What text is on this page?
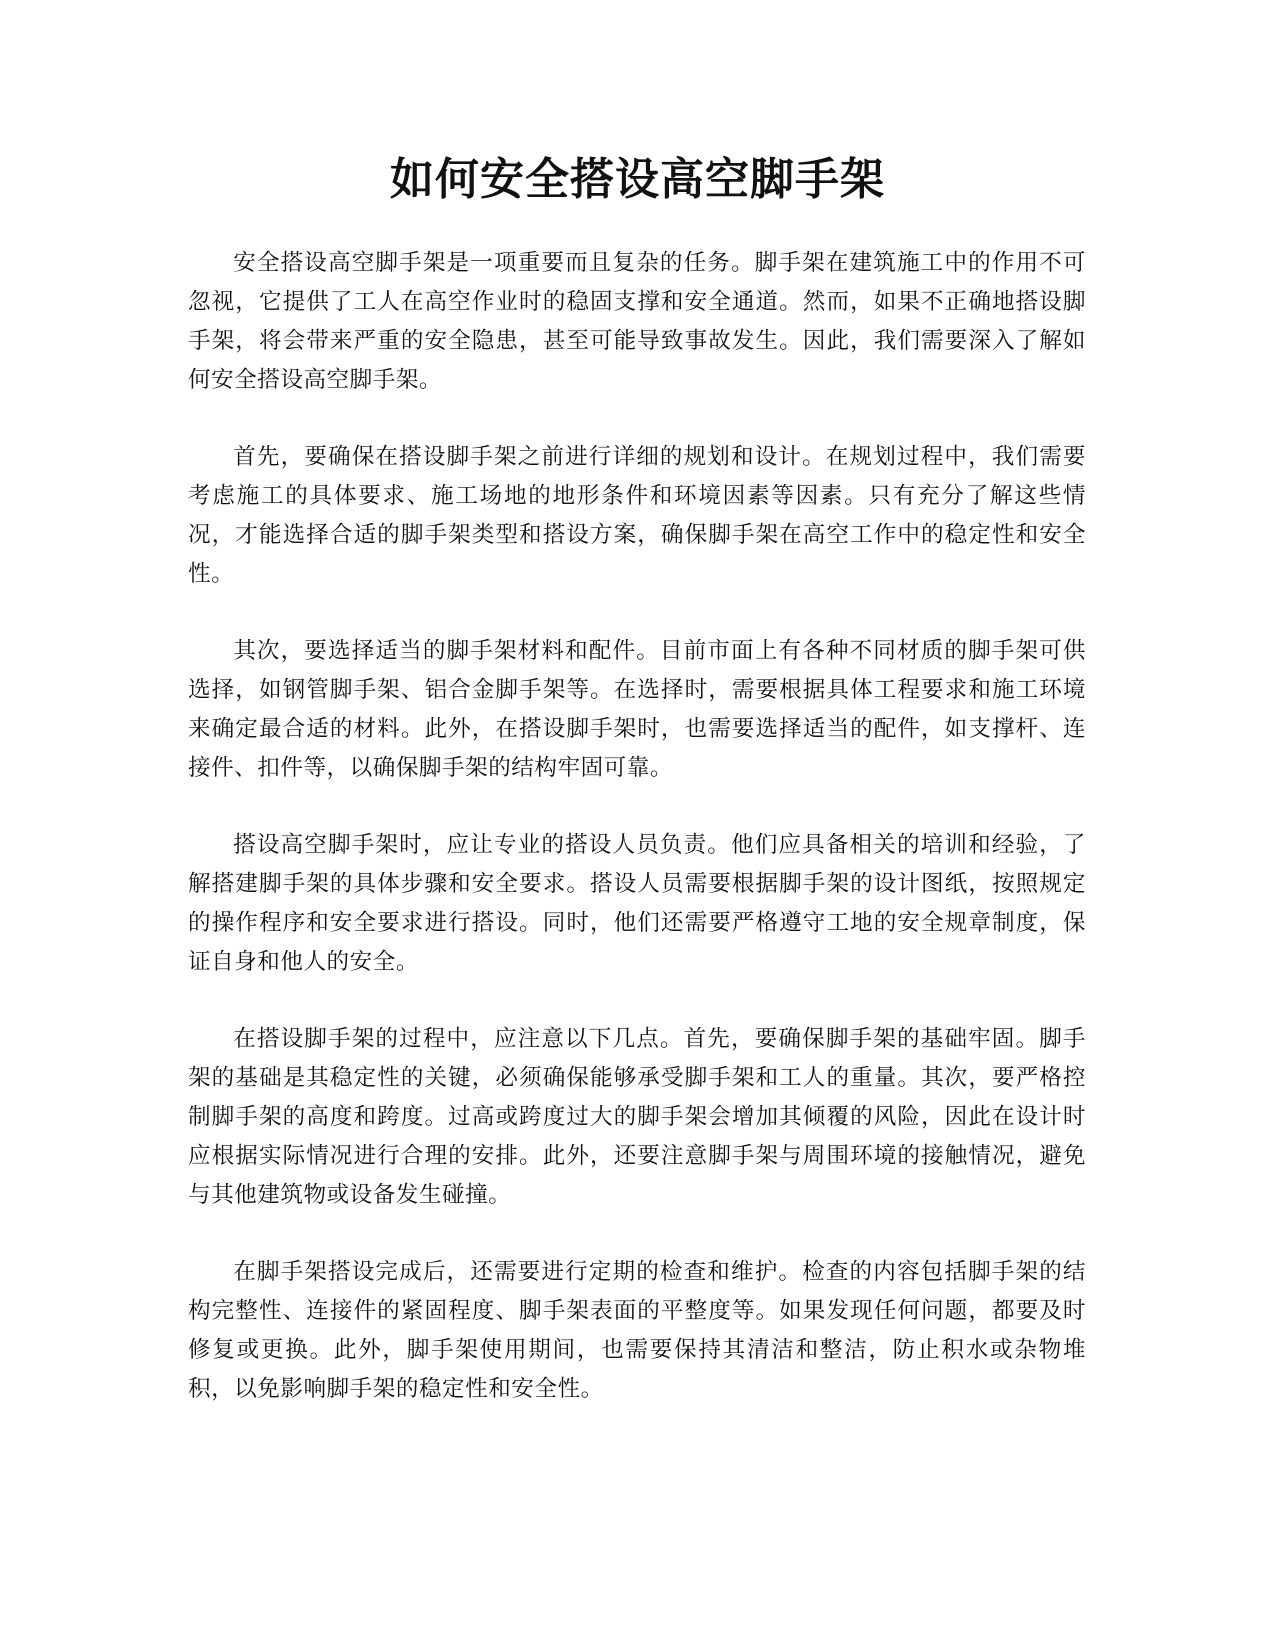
如何安全搭设高空脚手架

安全搭设高空脚手架是一项重要而且复杂的任务。脚手架在建筑施工中的作用不可忽视，它提供了工人在高空作业时的稳固支撑和安全通道。然而，如果不正确地搭设脚手架，将会带来严重的安全隐患，甚至可能导致事故发生。因此，我们需要深入了解如何安全搭设高空脚手架。

首先，要确保在搭设脚手架之前进行详细的规划和设计。在规划过程中，我们需要考虑施工的具体要求、施工场地的地形条件和环境因素等因素。只有充分了解这些情况，才能选择合适的脚手架类型和搭设方案，确保脚手架在高空工作中的稳定性和安全性。

其次，要选择适当的脚手架材料和配件。目前市面上有各种不同材质的脚手架可供选择，如钢管脚手架、铝合金脚手架等。在选择时，需要根据具体工程要求和施工环境来确定最合适的材料。此外，在搭设脚手架时，也需要选择适当的配件，如支撑杆、连接件、扣件等，以确保脚手架的结构牢固可靠。

搭设高空脚手架时，应让专业的搭设人员负责。他们应具备相关的培训和经验，了解搭建脚手架的具体步骤和安全要求。搭设人员需要根据脚手架的设计图纸，按照规定的操作程序和安全要求进行搭设。同时，他们还需要严格遵守工地的安全规章制度，保证自身和他人的安全。

在搭设脚手架的过程中，应注意以下几点。首先，要确保脚手架的基础牢固。脚手架的基础是其稳定性的关键，必须确保能够承受脚手架和工人的重量。其次，要严格控制脚手架的高度和跨度。过高或跨度过大的脚手架会增加其倾覆的风险，因此在设计时应根据实际情况进行合理的安排。此外，还要注意脚手架与周围环境的接触情况，避免与其他建筑物或设备发生碰撞。

在脚手架搭设完成后，还需要进行定期的检查和维护。检查的内容包括脚手架的结构完整性、连接件的紧固程度、脚手架表面的平整度等。如果发现任何问题，都要及时修复或更换。此外，脚手架使用期间，也需要保持其清洁和整洁，防止积水或杂物堆积，以免影响脚手架的稳定性和安全性。
